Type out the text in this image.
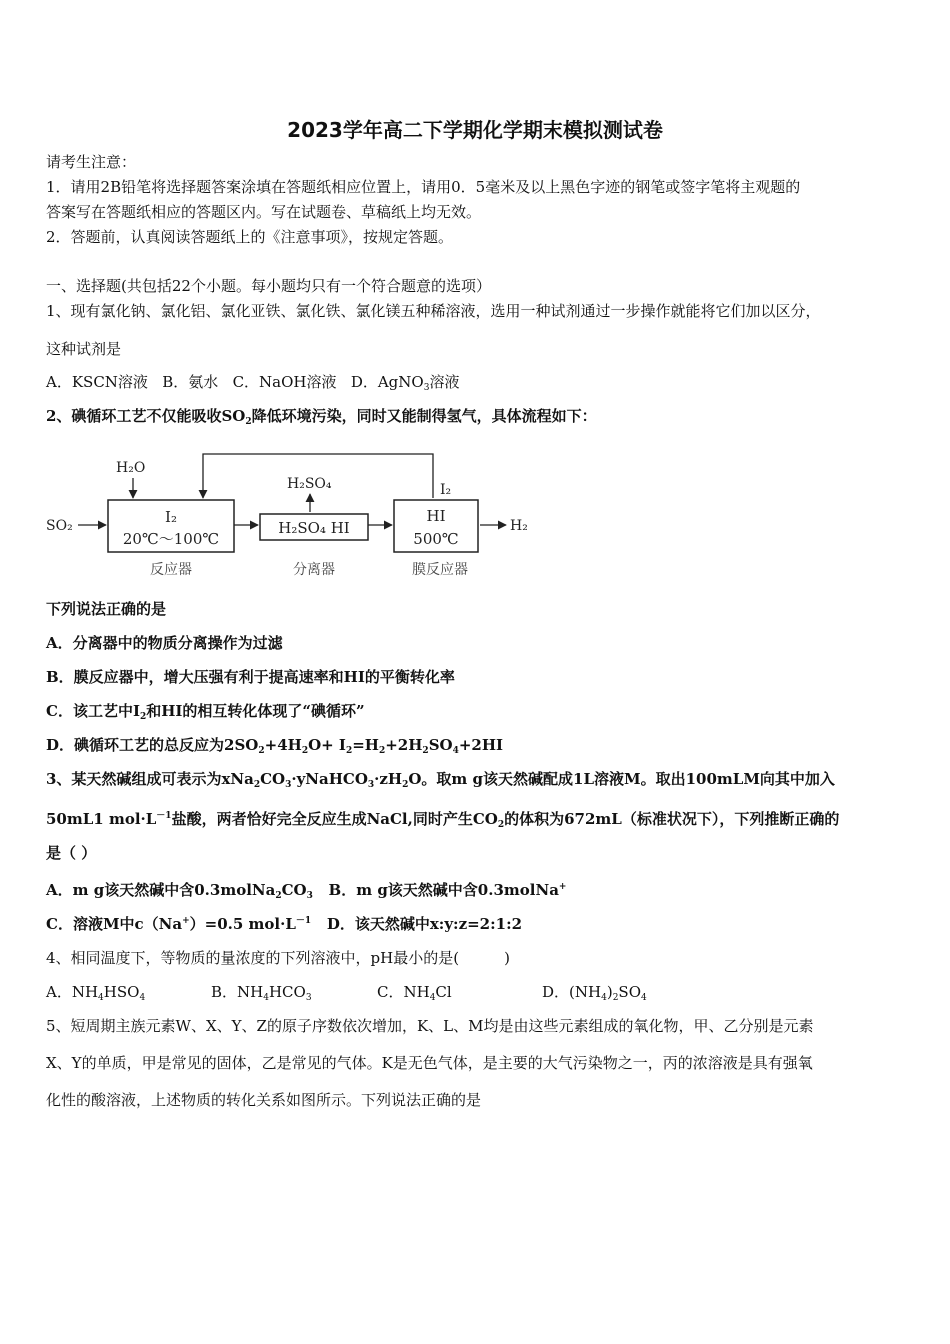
2023学年高二下学期化学期末模拟测试卷
请考生注意：
1．请用2B铅笔将选择题答案涂填在答题纸相应位置上，请用0．5毫米及以上黑色字迹的钢笔或签字笔将主观题的
答案写在答题纸相应的答题区内。写在试题卷、草稿纸上均无效。
2．答题前，认真阅读答题纸上的《注意事项》，按规定答题。
一、选择题(共包括22个小题。每小题均只有一个符合题意的选项）
1、现有氯化钠、氯化铝、氯化亚铁、氯化铁、氯化镁五种稀溶液，选用一种试剂通过一步操作就能将它们加以区分，
这种试剂是
A．KSCN溶液 B．氨水 C．NaOH溶液 D．AgNO$_3$溶液
2、碘循环工艺不仅能吸收$SO_2$降低环境污染，同时又能制得氢气，具体流程如下：
H₂O
H₂SO₄	I₂
SO₂	I₂
20℃～100℃
H₂SO₄ HI
HI
500℃
H₂
反应器	分离器	膜反应器
下列说法正确的是
A．分离器中的物质分离操作为过滤
B．膜反应器中，增大压强有利于提高速率和HI的平衡转化率
C．该工艺中$I_2$和HI的相互转化体现了“碘循环”
D．碘循环工艺的总反应为$2SO_2+4H_2O+ I_2=H_2+2H_2SO_4+2HI$
3、某天然碱组成可表示为$xNa_2CO_3\cdot yNaHCO_3\cdot zH_2O$。取m g该天然碱配成1L溶液M。取出100mLM向其中加入
50mL1 $mol\cdot L^{-1}$盐酸，两者恰好完全反应生成NaCl,同时产生$CO_2$的体积为672mL（标准状况下），下列推断正确的
是（ ）
A．m g该天然碱中含$0.3molNa_2CO_3$ B．m g该天然碱中含0.3molNa+
C．溶液M中c（Na+）=0.5 $mol\cdot L^{-1}$ D．该天然碱中x:y:z=2:1:2
4、相同温度下，等物质的量浓度的下列溶液中，pH最小的是(　　　)
A．$NH_4HSO_4$	B．$NH_4HCO_3$	C．$NH_4Cl$	D．$(NH_4)_2SO_4$
5、短周期主族元素W、X、Y、Z的原子序数依次增加，K、L、M均是由这些元素组成的氧化物，甲、乙分别是元素
X、Y的单质，甲是常见的固体，乙是常见的气体。K是无色气体，是主要的大气污染物之一，丙的浓溶液是具有强氧
化性的酸溶液，上述物质的转化关系如图所示。下列说法正确的是
